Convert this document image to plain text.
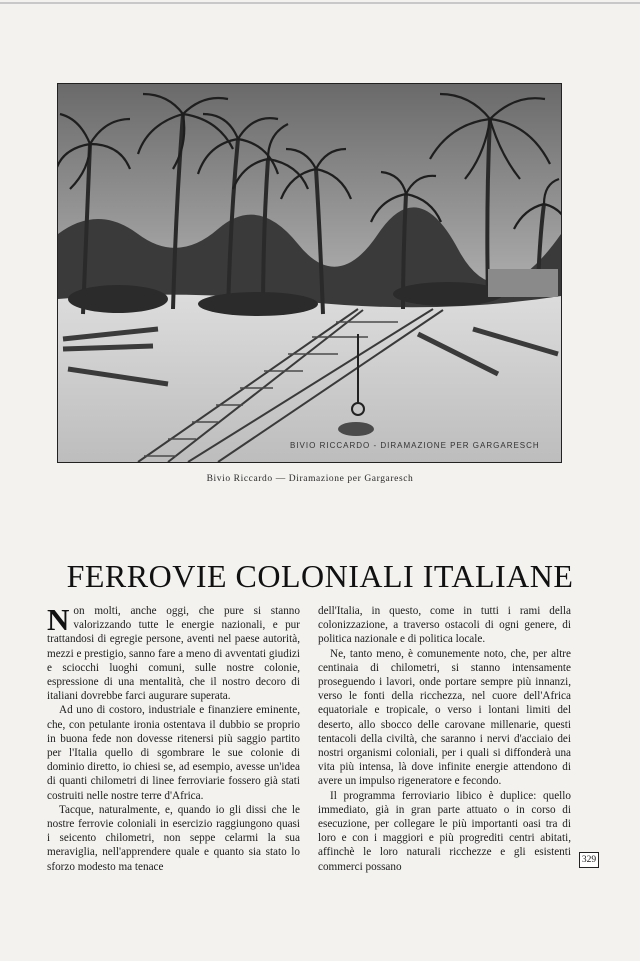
BIVIO RICCARDO - DIRAMAZIONE PER GARGARESCH
Bivio Riccardo — Diramazione per Gargaresch
FERROVIE COLONIALI ITALIANE

Non molti, anche oggi, che pure si stanno valorizzando tutte le energie nazionali, e pur trattandosi di egregie persone, aventi nel paese autorità, mezzi e prestigio, sanno fare a meno di avventati giudizi e sciocchi luoghi comuni, sulle nostre colonie, espressione di una mentalità, che il nostro decoro di italiani dovrebbe farci augurare superata.

Ad uno di costoro, industriale e finanziere eminente, che, con petulante ironia ostentava il dubbio se proprio in buona fede non dovesse ritenersi più saggio partito per l'Italia quello di sgombrare le sue colonie di dominio diretto, io chiesi se, ad esempio, avesse un'idea di quanti chilometri di linee ferroviarie fossero già stati costruiti nelle nostre terre d'Africa.

Tacque, naturalmente, e, quando io gli dissi che le nostre ferrovie coloniali in esercizio raggiungono quasi i seicento chilometri, non seppe celarmi la sua meraviglia, nell'apprendere quale e quanto sia stato lo sforzo modesto ma tenace

dell'Italia, in questo, come in tutti i rami della colonizzazione, a traverso ostacoli di ogni genere, di politica nazionale e di politica locale.

Ne, tanto meno, è comunemente noto, che, per altre centinaia di chilometri, si stanno intensamente proseguendo i lavori, onde portare sempre più innanzi, verso le fonti della ricchezza, nel cuore dell'Africa equatoriale e tropicale, o verso i lontani limiti del deserto, allo sbocco delle carovane millenarie, questi tentacoli della civiltà, che saranno i nervi d'acciaio dei nostri organismi coloniali, per i quali si diffonderà una vita più intensa, là dove infinite energie attendono di avere un impulso rigeneratore e fecondo.

Il programma ferroviario libico è duplice: quello immediato, già in gran parte attuato o in corso di esecuzione, per collegare le più importanti oasi tra di loro e con i maggiori e più progrediti centri abitati, affinchè le loro naturali ricchezze e gli esistenti commerci possano

329
